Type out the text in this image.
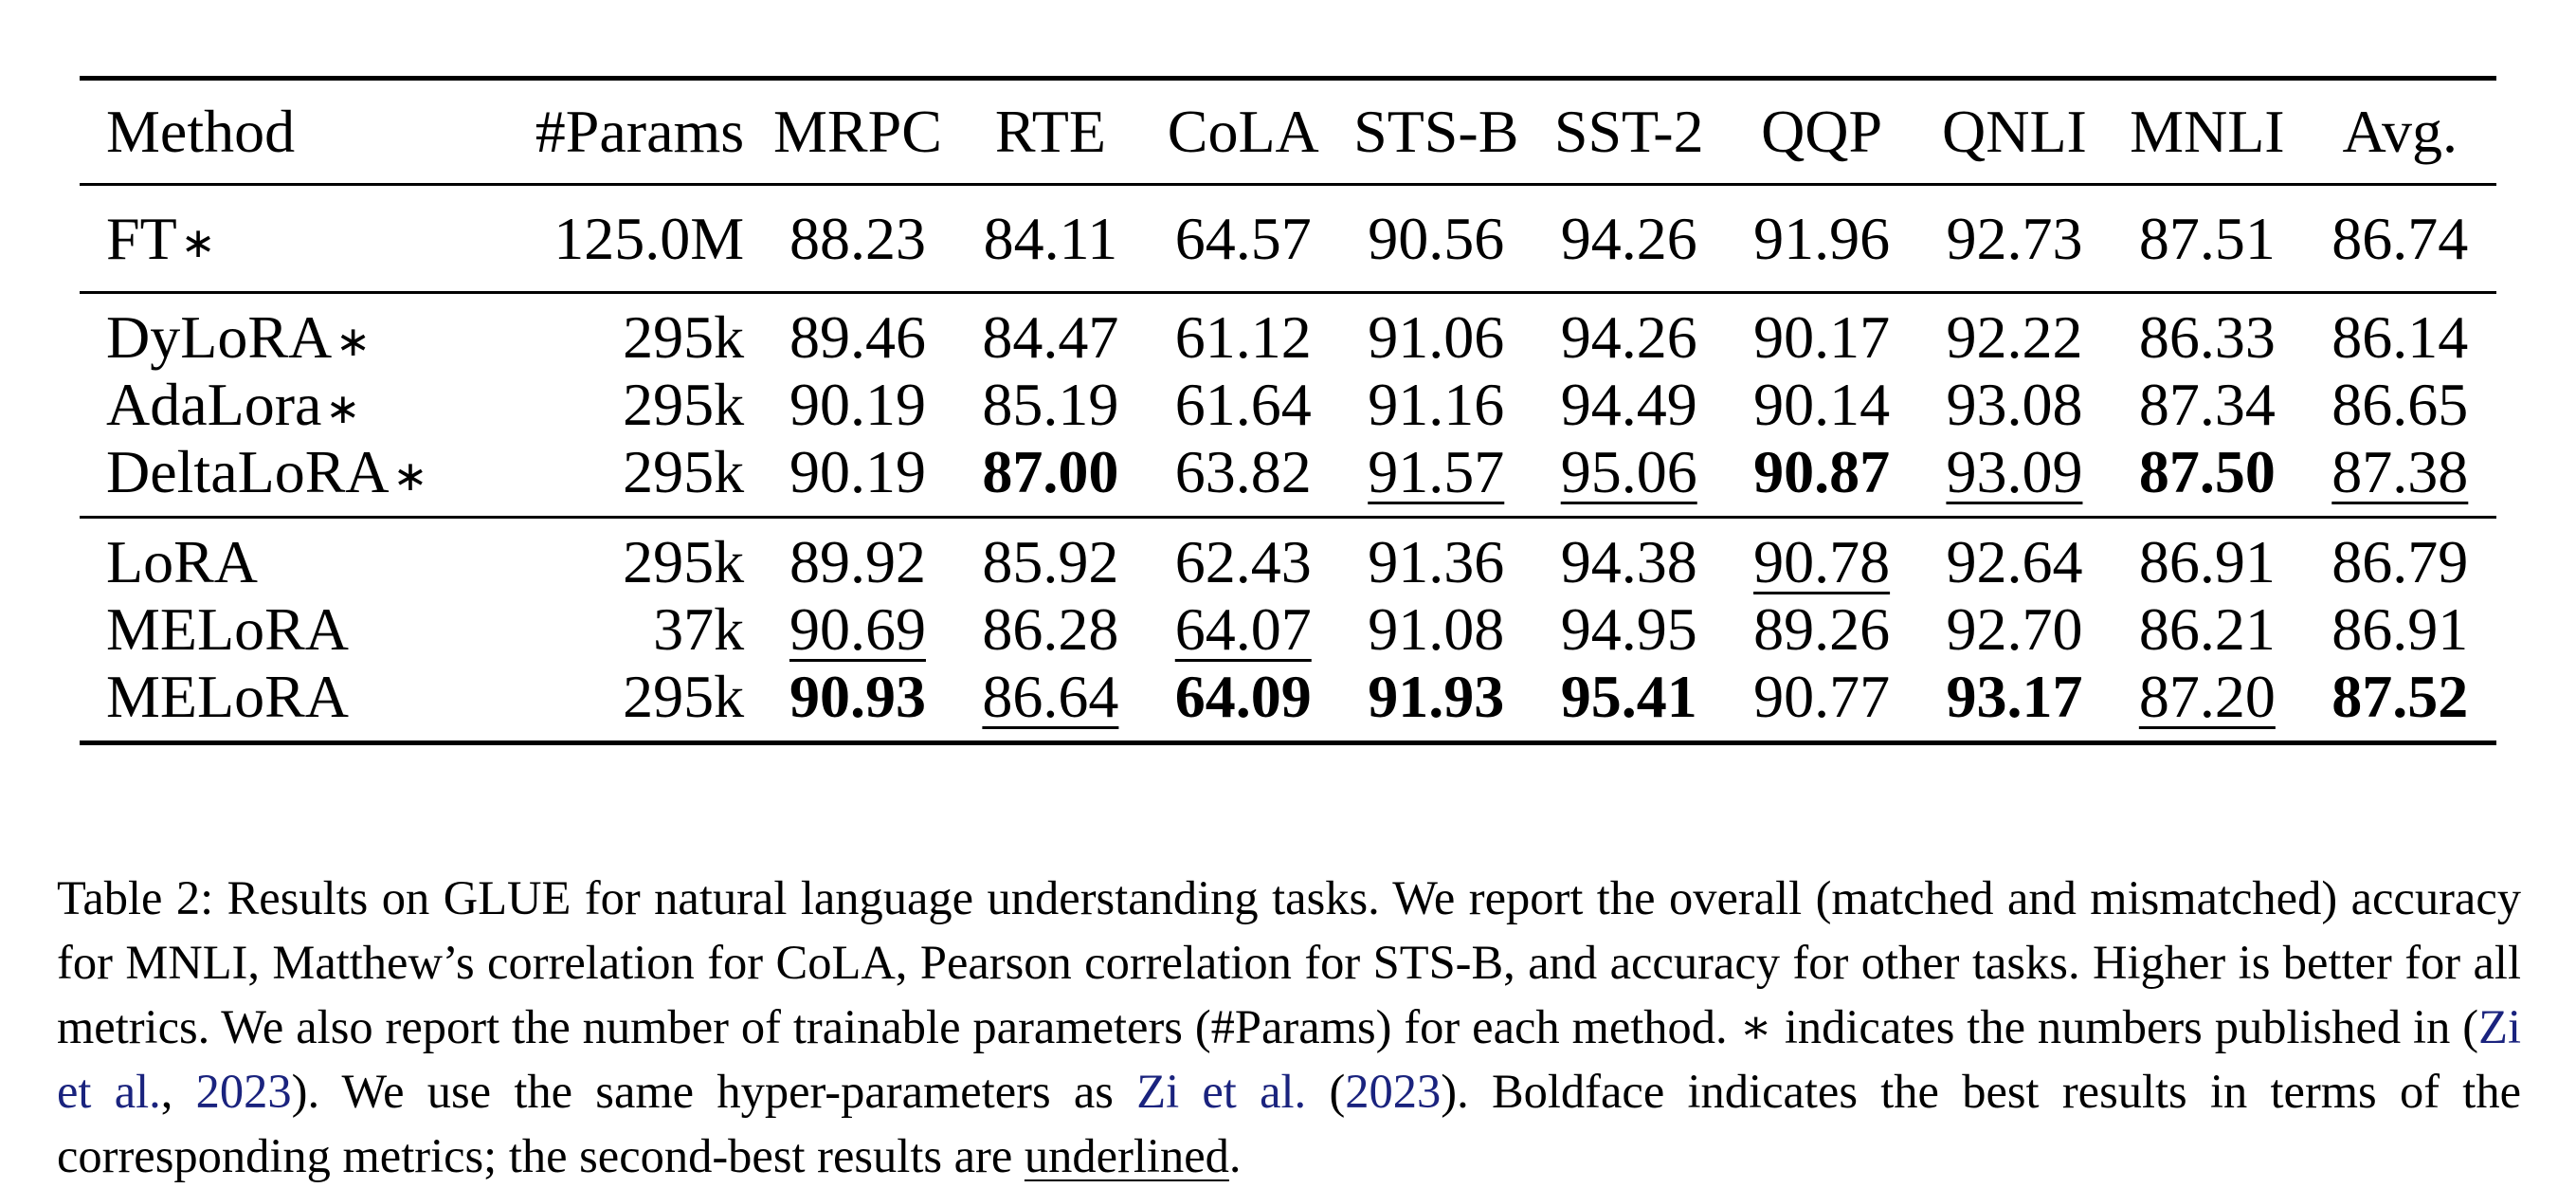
Method	#Params	MRPC	RTE	CoLA	STS-B	SST-2	QQP	QNLI	MNLI	Avg.
FT∗	125.0M	88.23	84.11	64.57	90.56	94.26	91.96	92.73	87.51	86.74
DyLoRA∗	295k	89.46	84.47	61.12	91.06	94.26	90.17	92.22	86.33	86.14
AdaLora∗	295k	90.19	85.19	61.64	91.16	94.49	90.14	93.08	87.34	86.65
DeltaLoRA∗	295k	90.19	87.00	63.82	91.57	95.06	90.87	93.09	87.50	87.38
LoRA	295k	89.92	85.92	62.43	91.36	94.38	90.78	92.64	86.91	86.79
MELoRA	37k	90.69	86.28	64.07	91.08	94.95	89.26	92.70	86.21	86.91
MELoRA	295k	90.93	86.64	64.09	91.93	95.41	90.77	93.17	87.20	87.52

Table 2: Results on GLUE for natural language understanding tasks. We report the overall (matched and mismatched) accuracy for MNLI, Matthew’s correlation for CoLA, Pearson correlation for STS-B, and accuracy for other tasks. Higher is better for all metrics. We also report the number of trainable parameters (#Params) for each method. ∗ indicates the numbers published in (Zi et al., 2023). We use the same hyper-parameters as Zi et al. (2023). Boldface indicates the best results in terms of the corresponding metrics; the second-best results are underlined.
